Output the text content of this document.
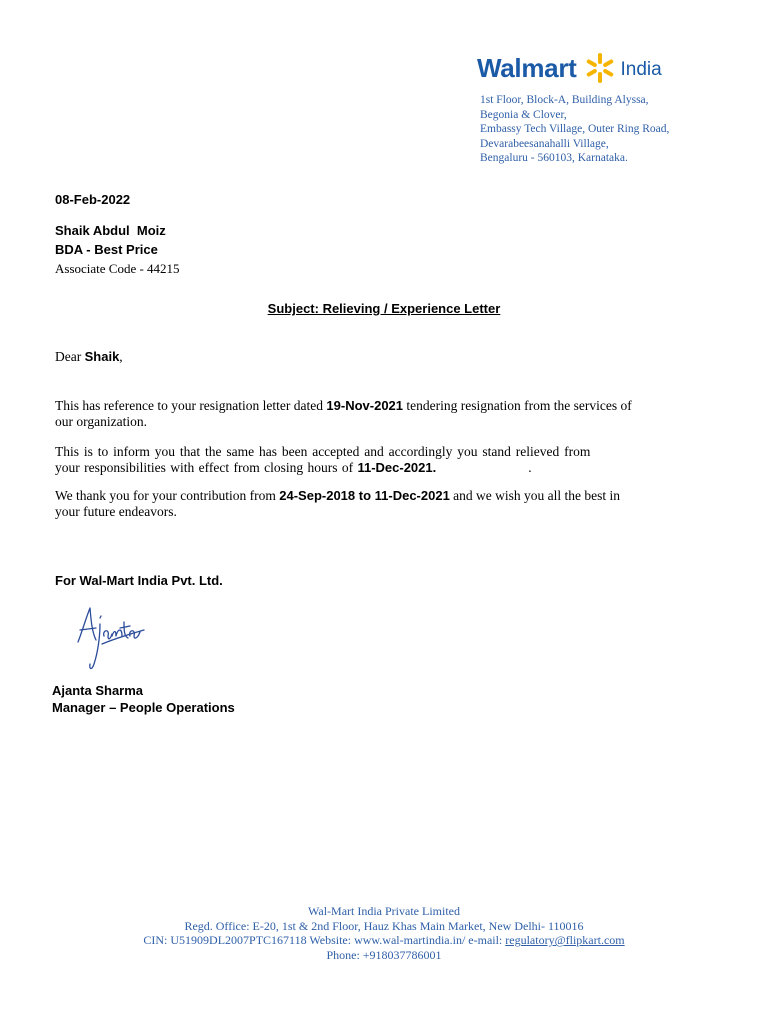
Walmart India
1st Floor, Block-A, Building Alyssa,
Begonia & Clover,
Embassy Tech Village, Outer Ring Road,
Devarabeesanahalli Village,
Bengaluru - 560103, Karnataka.
08-Feb-2022
Shaik Abdul  Moiz
BDA - Best Price
Associate Code - 44215
Subject: Relieving / Experience Letter
Dear Shaik,
This has reference to your resignation letter dated 19-Nov-2021 tendering resignation from the services of
our organization.
This is to inform you that the same has been accepted and accordingly you stand relieved from
your responsibilities with effect from closing hours of 11-Dec-2021.	.
We thank you for your contribution from 24-Sep-2018 to 11-Dec-2021 and we wish you all the best in
your future endeavors.
For Wal-Mart India Pvt. Ltd.
Ajanta Sharma
Manager – People Operations
Wal-Mart India Private Limited
Regd. Office: E-20, 1st & 2nd Floor, Hauz Khas Main Market, New Delhi- 110016
CIN: U51909DL2007PTC167118 Website: www.wal-martindia.in/ e-mail: regulatory@flipkart.com
Phone: +918037786001
